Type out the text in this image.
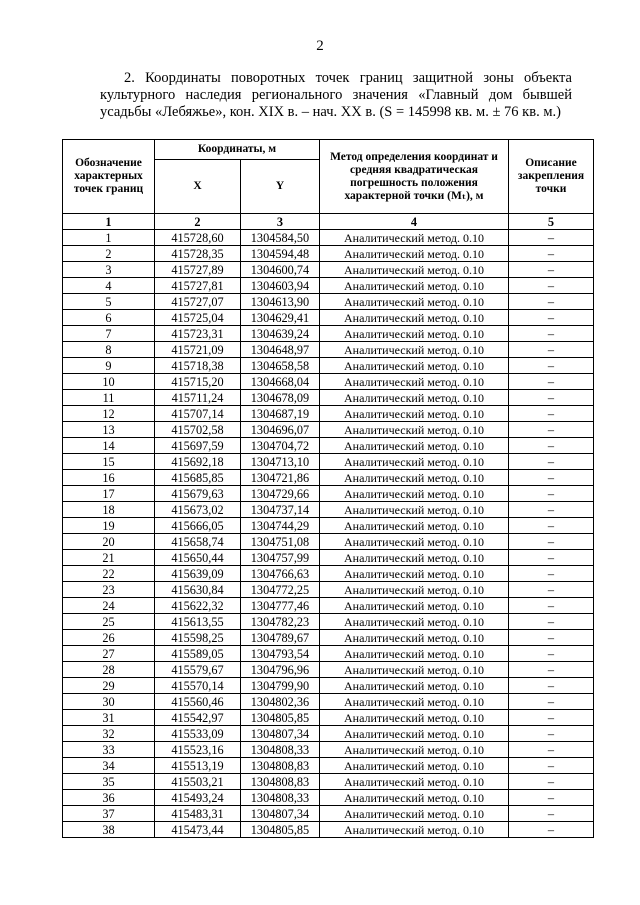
2
2. Координаты поворотных точек границ защитной зоны объекта
культурного наследия регионального значения «Главный дом бывшей
усадьбы «Лебяжье», кон. XIX в. – нач. XX в. (S = 145998 кв. м. ± 76 кв. м.)
Обозначение характерных точек границ	Координаты, м		Метод определения координат и средняя квадратическая погрешность положения характерной точки (Mₜ), м	Описание закрепления точки
	X	Y		
1	2	3	4	5
1	415728,60	1304584,50	Аналитический метод. 0.10	–
2	415728,35	1304594,48	Аналитический метод. 0.10	–
3	415727,89	1304600,74	Аналитический метод. 0.10	–
4	415727,81	1304603,94	Аналитический метод. 0.10	–
5	415727,07	1304613,90	Аналитический метод. 0.10	–
6	415725,04	1304629,41	Аналитический метод. 0.10	–
7	415723,31	1304639,24	Аналитический метод. 0.10	–
8	415721,09	1304648,97	Аналитический метод. 0.10	–
9	415718,38	1304658,58	Аналитический метод. 0.10	–
10	415715,20	1304668,04	Аналитический метод. 0.10	–
11	415711,24	1304678,09	Аналитический метод. 0.10	–
12	415707,14	1304687,19	Аналитический метод. 0.10	–
13	415702,58	1304696,07	Аналитический метод. 0.10	–
14	415697,59	1304704,72	Аналитический метод. 0.10	–
15	415692,18	1304713,10	Аналитический метод. 0.10	–
16	415685,85	1304721,86	Аналитический метод. 0.10	–
17	415679,63	1304729,66	Аналитический метод. 0.10	–
18	415673,02	1304737,14	Аналитический метод. 0.10	–
19	415666,05	1304744,29	Аналитический метод. 0.10	–
20	415658,74	1304751,08	Аналитический метод. 0.10	–
21	415650,44	1304757,99	Аналитический метод. 0.10	–
22	415639,09	1304766,63	Аналитический метод. 0.10	–
23	415630,84	1304772,25	Аналитический метод. 0.10	–
24	415622,32	1304777,46	Аналитический метод. 0.10	–
25	415613,55	1304782,23	Аналитический метод. 0.10	–
26	415598,25	1304789,67	Аналитический метод. 0.10	–
27	415589,05	1304793,54	Аналитический метод. 0.10	–
28	415579,67	1304796,96	Аналитический метод. 0.10	–
29	415570,14	1304799,90	Аналитический метод. 0.10	–
30	415560,46	1304802,36	Аналитический метод. 0.10	–
31	415542,97	1304805,85	Аналитический метод. 0.10	–
32	415533,09	1304807,34	Аналитический метод. 0.10	–
33	415523,16	1304808,33	Аналитический метод. 0.10	–
34	415513,19	1304808,83	Аналитический метод. 0.10	–
35	415503,21	1304808,83	Аналитический метод. 0.10	–
36	415493,24	1304808,33	Аналитический метод. 0.10	–
37	415483,31	1304807,34	Аналитический метод. 0.10	–
38	415473,44	1304805,85	Аналитический метод. 0.10	–
